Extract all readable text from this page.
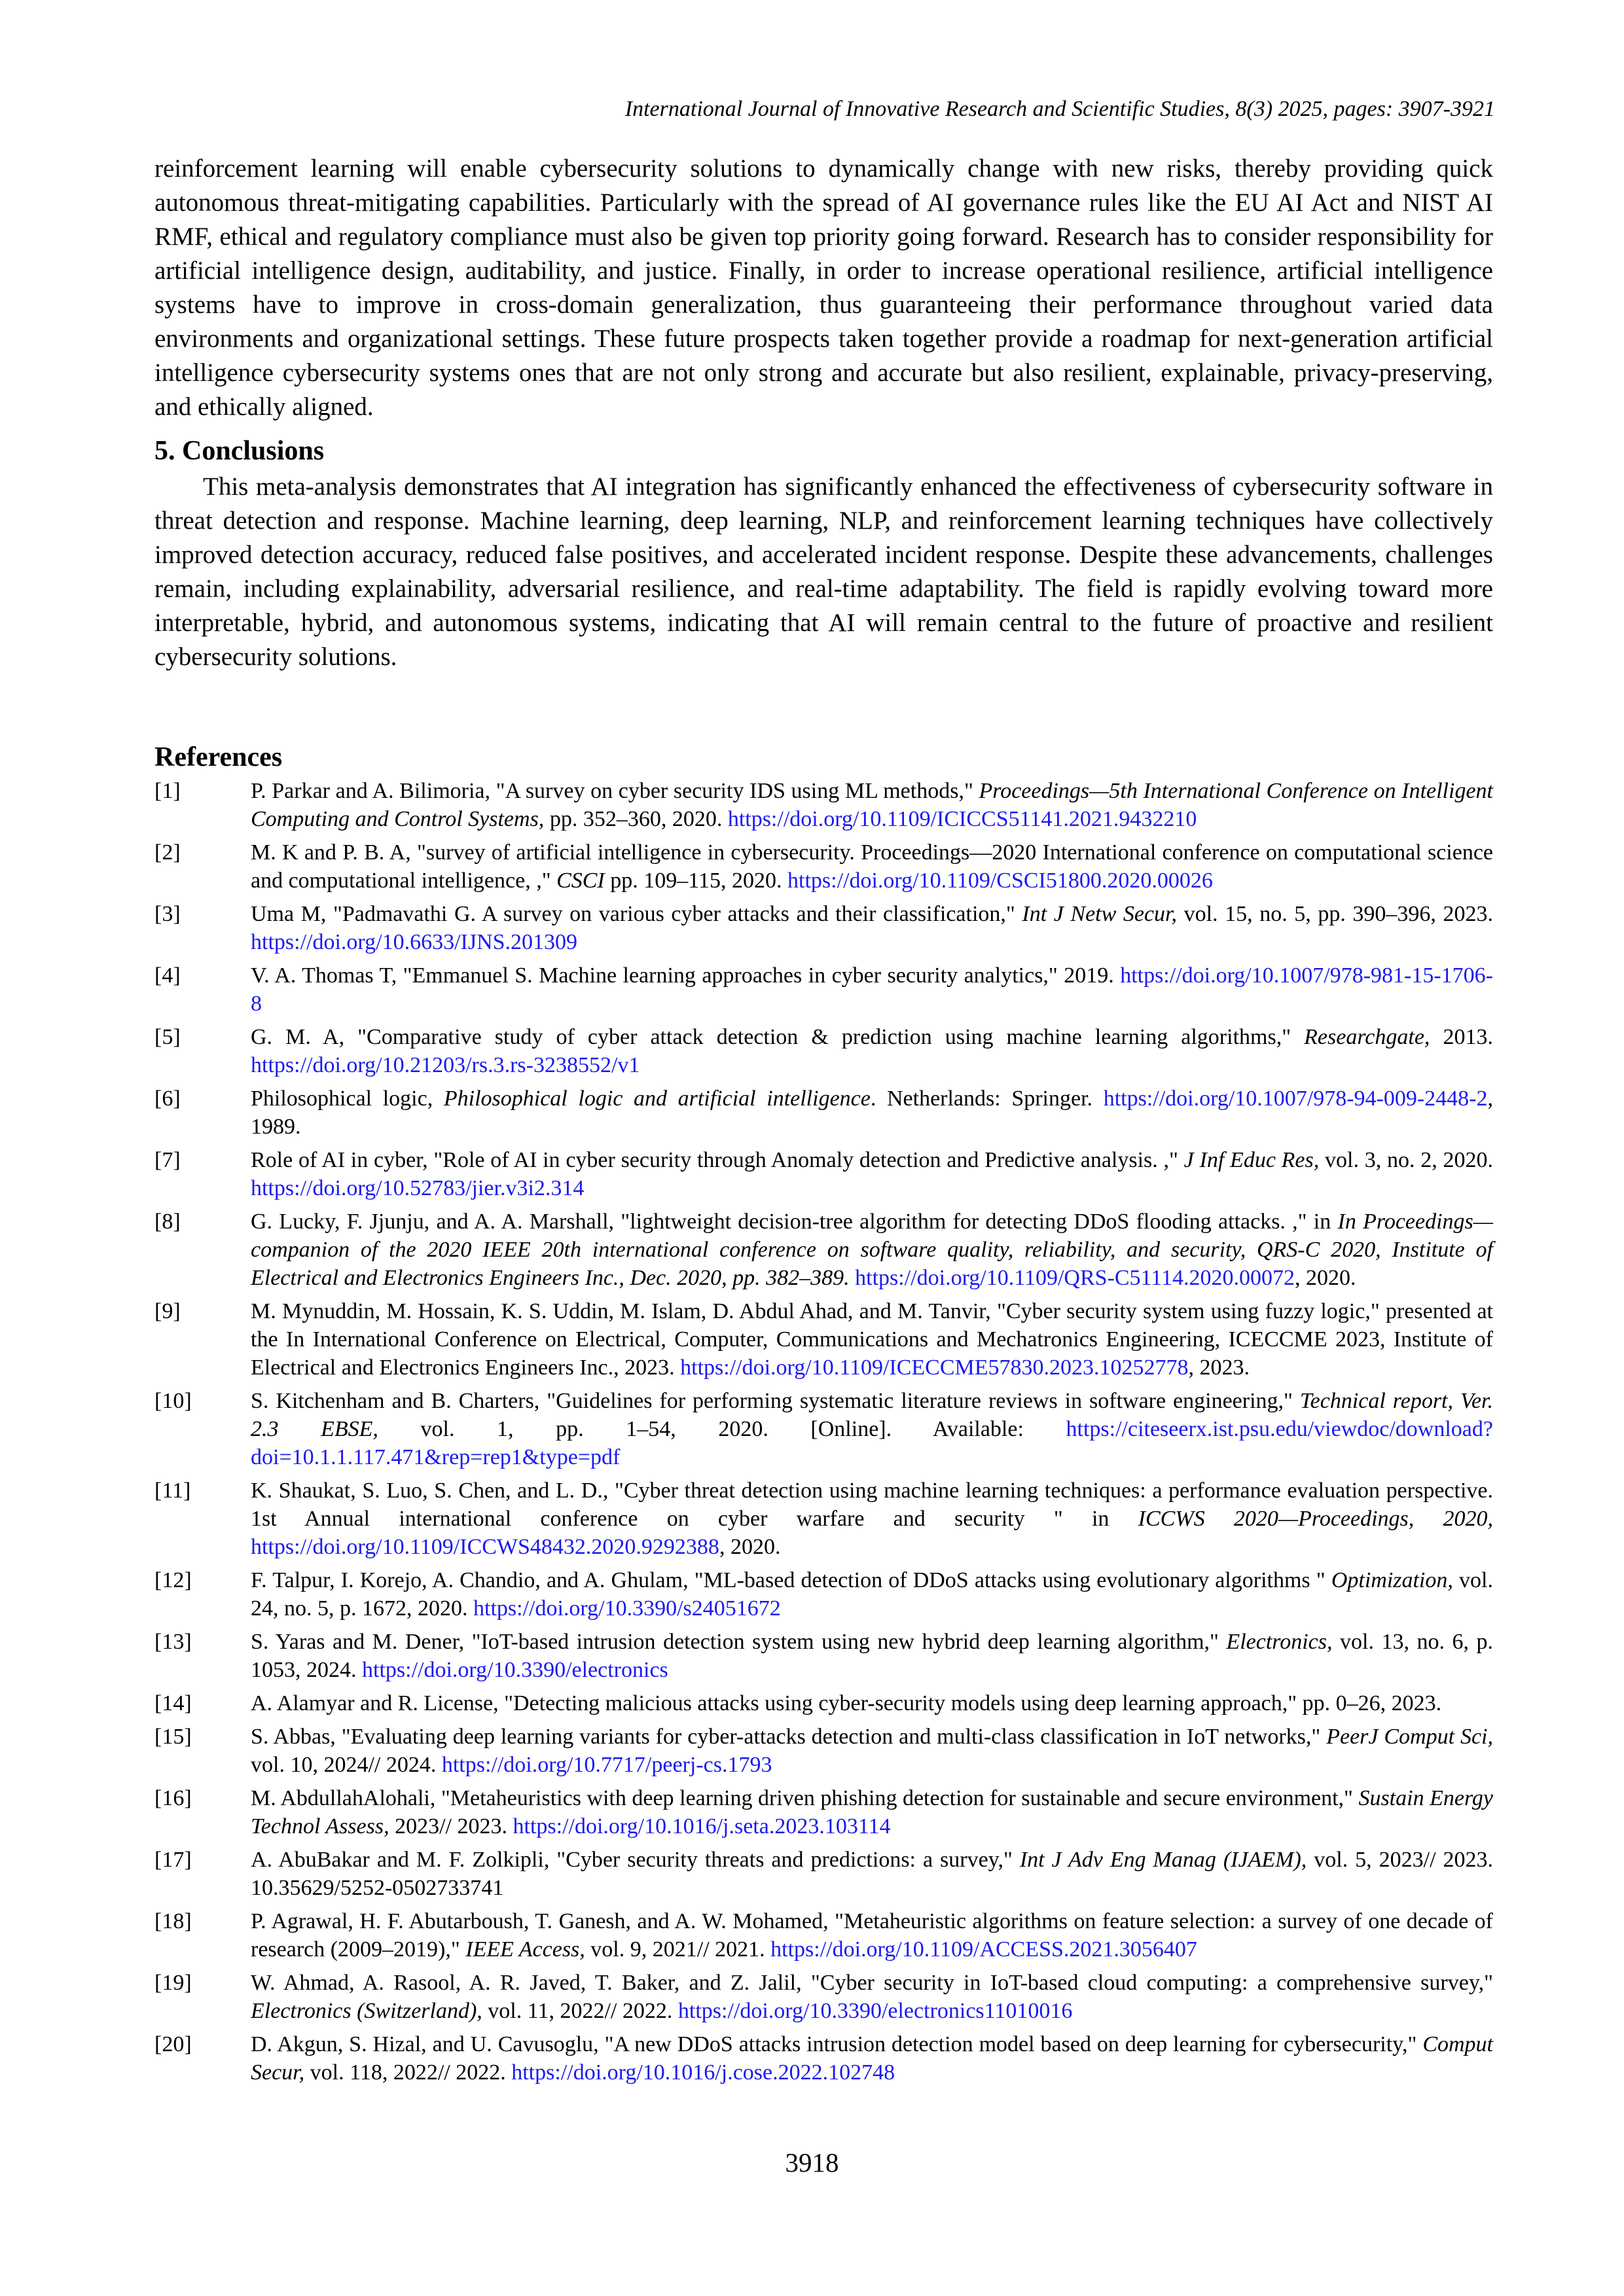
International Journal of Innovative Research and Scientific Studies, 8(3) 2025, pages: 3907-3921
reinforcement learning will enable cybersecurity solutions to dynamically change with new risks, thereby providing quick autonomous threat-mitigating capabilities. Particularly with the spread of AI governance rules like the EU AI Act and NIST AI RMF, ethical and regulatory compliance must also be given top priority going forward. Research has to consider responsibility for artificial intelligence design, auditability, and justice. Finally, in order to increase operational resilience, artificial intelligence systems have to improve in cross-domain generalization, thus guaranteeing their performance throughout varied data environments and organizational settings. These future prospects taken together provide a roadmap for next-generation artificial intelligence cybersecurity systems ones that are not only strong and accurate but also resilient, explainable, privacy-preserving, and ethically aligned.
5. Conclusions
This meta-analysis demonstrates that AI integration has significantly enhanced the effectiveness of cybersecurity software in threat detection and response. Machine learning, deep learning, NLP, and reinforcement learning techniques have collectively improved detection accuracy, reduced false positives, and accelerated incident response. Despite these advancements, challenges remain, including explainability, adversarial resilience, and real-time adaptability. The field is rapidly evolving toward more interpretable, hybrid, and autonomous systems, indicating that AI will remain central to the future of proactive and resilient cybersecurity solutions.
References
[1]	P. Parkar and A. Bilimoria, "A survey on cyber security IDS using ML methods," Proceedings—5th International Conference on Intelligent Computing and Control Systems, pp. 352–360, 2020. https://doi.org/10.1109/ICICCS51141.2021.9432210
[2]	M. K and P. B. A, "survey of artificial intelligence in cybersecurity. Proceedings—2020 International conference on computational science and computational intelligence, ," CSCI pp. 109–115, 2020. https://doi.org/10.1109/CSCI51800.2020.00026
[3]	Uma M, "Padmavathi G. A survey on various cyber attacks and their classification," Int J Netw Secur, vol. 15, no. 5, pp. 390–396, 2023. https://doi.org/10.6633/IJNS.201309
[4]	V. A. Thomas T, "Emmanuel S. Machine learning approaches in cyber security analytics," 2019. https://doi.org/10.1007/978-981-15-1706-8
[5]	G. M. A, "Comparative study of cyber attack detection & prediction using machine learning algorithms," Researchgate, 2013. https://doi.org/10.21203/rs.3.rs-3238552/v1
[6]	Philosophical logic, Philosophical logic and artificial intelligence. Netherlands: Springer. https://doi.org/10.1007/978-94-009-2448-2, 1989.
[7]	Role of AI in cyber, "Role of AI in cyber security through Anomaly detection and Predictive analysis. ," J Inf Educ Res, vol. 3, no. 2, 2020. https://doi.org/10.52783/jier.v3i2.314
[8]	G. Lucky, F. Jjunju, and A. A. Marshall, "lightweight decision-tree algorithm for detecting DDoS flooding attacks. ," in In Proceedings—companion of the 2020 IEEE 20th international conference on software quality, reliability, and security, QRS-C 2020, Institute of Electrical and Electronics Engineers Inc., Dec. 2020, pp. 382–389. https://doi.org/10.1109/QRS-C51114.2020.00072, 2020.
[9]	M. Mynuddin, M. Hossain, K. S. Uddin, M. Islam, D. Abdul Ahad, and M. Tanvir, "Cyber security system using fuzzy logic," presented at the In International Conference on Electrical, Computer, Communications and Mechatronics Engineering, ICECCME 2023, Institute of Electrical and Electronics Engineers Inc., 2023. https://doi.org/10.1109/ICECCME57830.2023.10252778, 2023.
[10]	S. Kitchenham and B. Charters, "Guidelines for performing systematic literature reviews in software engineering," Technical report, Ver. 2.3 EBSE, vol. 1, pp. 1–54, 2020. [Online]. Available: https://citeseerx.ist.psu.edu/viewdoc/download?doi=10.1.1.117.471&rep=rep1&type=pdf
[11]	K. Shaukat, S. Luo, S. Chen, and L. D., "Cyber threat detection using machine learning techniques: a performance evaluation perspective. 1st Annual international conference on cyber warfare and security " in ICCWS 2020—Proceedings, 2020, https://doi.org/10.1109/ICCWS48432.2020.9292388, 2020.
[12]	F. Talpur, I. Korejo, A. Chandio, and A. Ghulam, "ML-based detection of DDoS attacks using evolutionary algorithms " Optimization, vol. 24, no. 5, p. 1672, 2020. https://doi.org/10.3390/s24051672
[13]	S. Yaras and M. Dener, "IoT-based intrusion detection system using new hybrid deep learning algorithm," Electronics, vol. 13, no. 6, p. 1053, 2024. https://doi.org/10.3390/electronics
[14]	A. Alamyar and R. License, "Detecting malicious attacks using cyber-security models using deep learning approach," pp. 0–26, 2023.
[15]	S. Abbas, "Evaluating deep learning variants for cyber-attacks detection and multi-class classification in IoT networks," PeerJ Comput Sci, vol. 10, 2024// 2024. https://doi.org/10.7717/peerj-cs.1793
[16]	M. AbdullahAlohali, "Metaheuristics with deep learning driven phishing detection for sustainable and secure environment," Sustain Energy Technol Assess, 2023// 2023. https://doi.org/10.1016/j.seta.2023.103114
[17]	A. AbuBakar and M. F. Zolkipli, "Cyber security threats and predictions: a survey," Int J Adv Eng Manag (IJAEM), vol. 5, 2023// 2023. 10.35629/5252-0502733741
[18]	P. Agrawal, H. F. Abutarboush, T. Ganesh, and A. W. Mohamed, "Metaheuristic algorithms on feature selection: a survey of one decade of research (2009–2019)," IEEE Access, vol. 9, 2021// 2021. https://doi.org/10.1109/ACCESS.2021.3056407
[19]	W. Ahmad, A. Rasool, A. R. Javed, T. Baker, and Z. Jalil, "Cyber security in IoT-based cloud computing: a comprehensive survey," Electronics (Switzerland), vol. 11, 2022// 2022. https://doi.org/10.3390/electronics11010016
[20]	D. Akgun, S. Hizal, and U. Cavusoglu, "A new DDoS attacks intrusion detection model based on deep learning for cybersecurity," Comput Secur, vol. 118, 2022// 2022. https://doi.org/10.1016/j.cose.2022.102748
3918
